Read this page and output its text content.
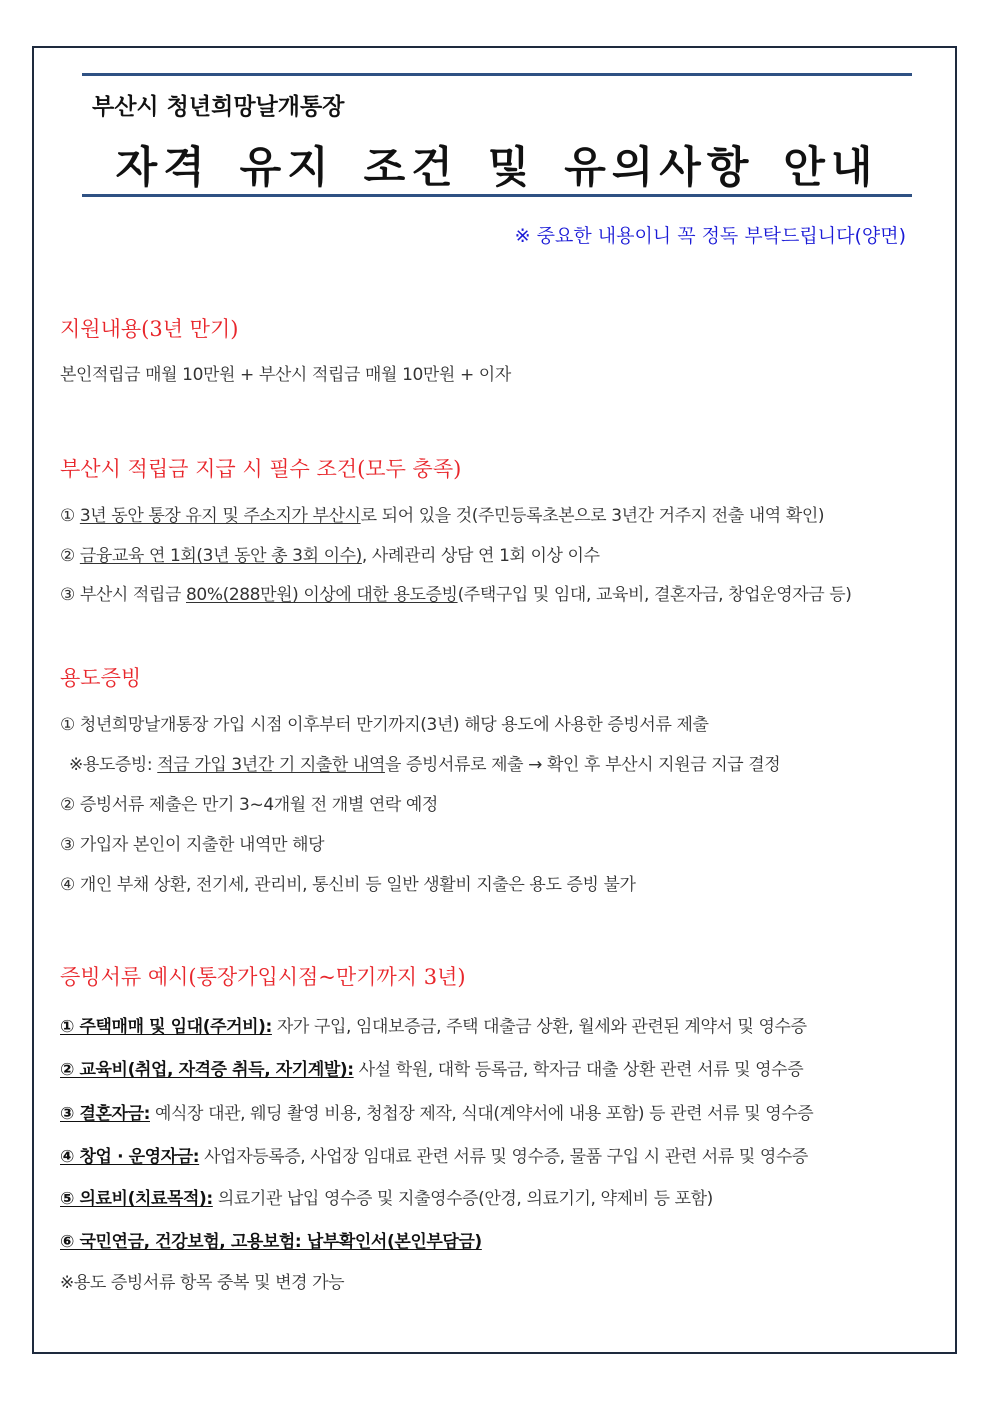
부산시 청년희망날개통장
자격 유지 조건 및 유의사항 안내
※ 중요한 내용이니 꼭 정독 부탁드립니다(양면)
지원내용(3년 만기)
본인적립금 매월 10만원 + 부산시 적립금 매월 10만원 + 이자
부산시 적립금 지급 시 필수 조건(모두 충족)
① 3년 동안 통장 유지 및 주소지가 부산시로 되어 있을 것(주민등록초본으로 3년간 거주지 전출 내역 확인)
② 금융교육 연 1회(3년 동안 총 3회 이수), 사례관리 상담 연 1회 이상 이수
③ 부산시 적립금 80%(288만원) 이상에 대한 용도증빙(주택구입 및 임대, 교육비, 결혼자금, 창업운영자금 등)
용도증빙
① 청년희망날개통장 가입 시점 이후부터 만기까지(3년) 해당 용도에 사용한 증빙서류 제출
※용도증빙: 적금 가입 3년간 기 지출한 내역을 증빙서류로 제출 → 확인 후 부산시 지원금 지급 결정
② 증빙서류 제출은 만기 3~4개월 전 개별 연락 예정
③ 가입자 본인이 지출한 내역만 해당
④ 개인 부채 상환, 전기세, 관리비, 통신비 등 일반 생활비 지출은 용도 증빙 불가
증빙서류 예시(통장가입시점~만기까지 3년)
① 주택매매 및 임대(주거비): 자가 구입, 임대보증금, 주택 대출금 상환, 월세와 관련된 계약서 및 영수증
② 교육비(취업, 자격증 취득, 자기계발): 사설 학원, 대학 등록금, 학자금 대출 상환 관련 서류 및 영수증
③ 결혼자금: 예식장 대관, 웨딩 촬영 비용, 청첩장 제작, 식대(계약서에 내용 포함) 등 관련 서류 및 영수증
④ 창업 · 운영자금: 사업자등록증, 사업장 임대료 관련 서류 및 영수증, 물품 구입 시 관련 서류 및 영수증
⑤ 의료비(치료목적): 의료기관 납입 영수증 및 지출영수증(안경, 의료기기, 약제비 등 포함)
⑥ 국민연금, 건강보험, 고용보험: 납부확인서(본인부담금)
※용도 증빙서류 항목 중복 및 변경 가능
